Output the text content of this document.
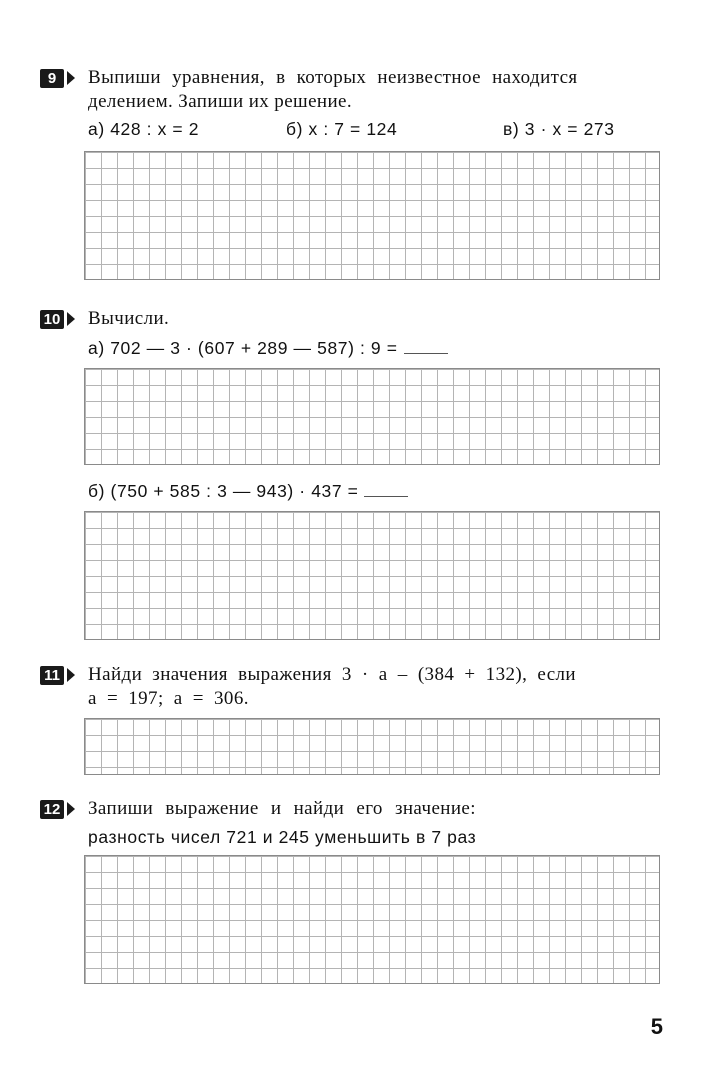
9	Выпиши уравнения, в которых неизвестное находится
делением. Запиши их решение.
а) 428 : x = 2	б) x : 7 = 124	в) 3 · x = 273
10 Вычисли.
а) 702 — 3 · (607 + 289 — 587) : 9 =
б) (750 + 585 : 3 — 943) · 437 =
11 Найди значения выражения 3 · a – (384 + 132), если
a = 197; a = 306.
12 Запиши выражение и найди его значение:
разность чисел 721 и 245 уменьшить в 7 раз
5
